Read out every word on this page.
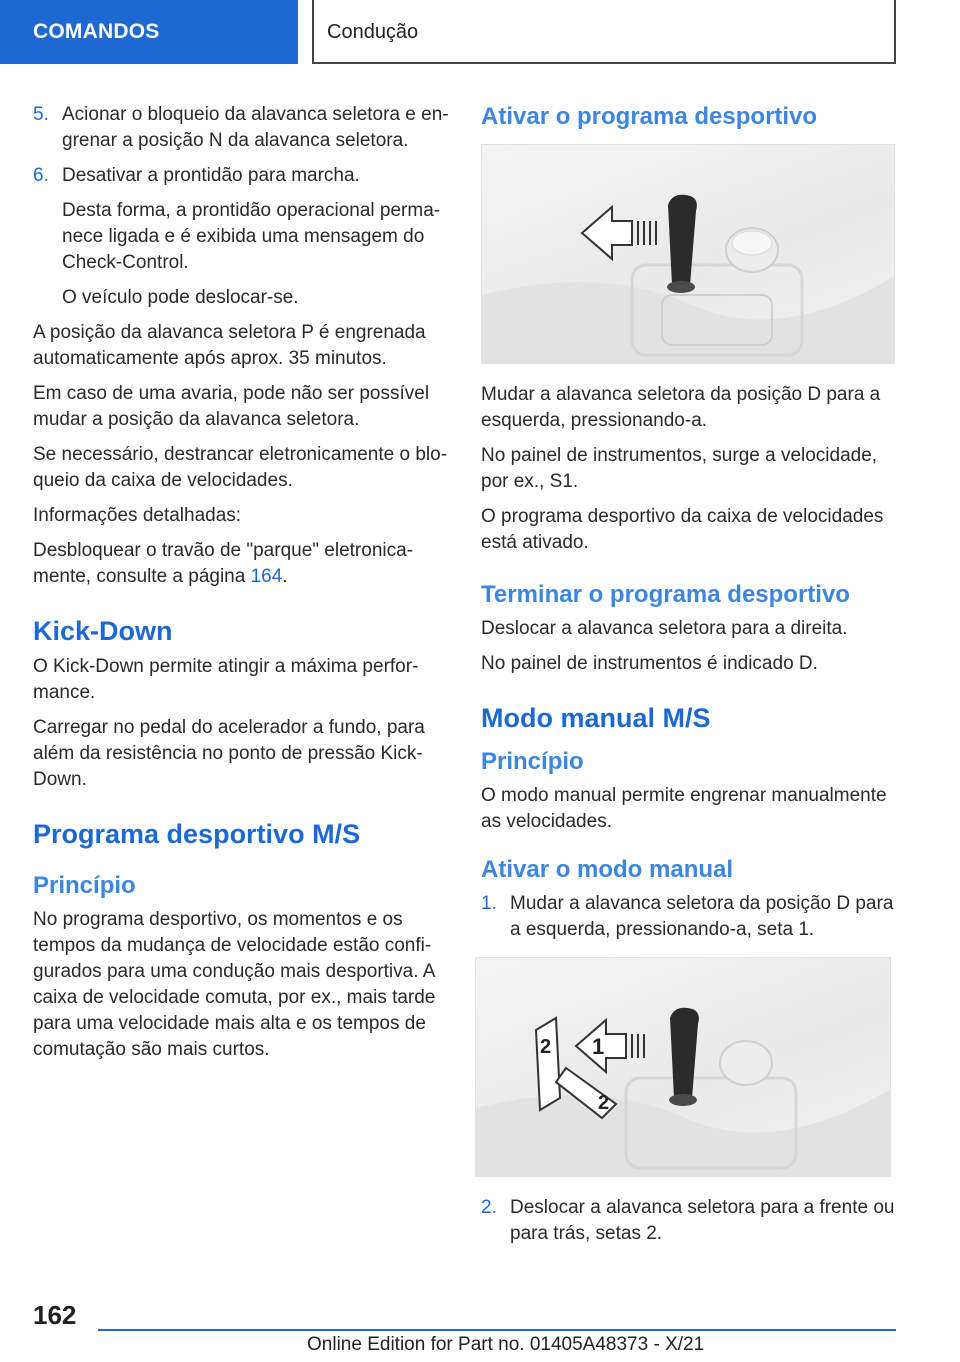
COMANDOS	Condução
5. Acionar o bloqueio da alavanca seletora e engrenar a posição N da alavanca seletora.
6. Desativar a prontidão para marcha.

Desta forma, a prontidão operacional permanece ligada e é exibida uma mensagem do Check-Control.

O veículo pode deslocar-se.

A posição da alavanca seletora P é engrenada automaticamente após aprox. 35 minutos.

Em caso de uma avaria, pode não ser possível mudar a posição da alavanca seletora.

Se necessário, destrancar eletronicamente o bloqueio da caixa de velocidades.

Informações detalhadas:

Desbloquear o travão de "parque" eletronicamente, consulte a página 164.

Kick-Down

O Kick-Down permite atingir a máxima performance.

Carregar no pedal do acelerador a fundo, para além da resistência no ponto de pressão Kick-Down.

Programa desportivo M/S
Princípio

No programa desportivo, os momentos e os tempos da mudança de velocidade estão configurados para uma condução mais desportiva. A caixa de velocidade comuta, por ex., mais tarde para uma velocidade mais alta e os tempos de comutação são mais curtos.

Ativar o programa desportivo

Mudar a alavanca seletora da posição D para a esquerda, pressionando-a.

No painel de instrumentos, surge a velocidade, por ex., S1.

O programa desportivo da caixa de velocidades está ativado.

Terminar o programa desportivo

Deslocar a alavanca seletora para a direita.

No painel de instrumentos é indicado D.

Modo manual M/S
Princípio

O modo manual permite engrenar manualmente as velocidades.

Ativar o modo manual
1. Mudar a alavanca seletora da posição D para a esquerda, pressionando-a, seta 1.
1
2
2
2. Deslocar a alavanca seletora para a frente ou para trás, setas 2.
162
Online Edition for Part no. 01405A48373 - X/21
